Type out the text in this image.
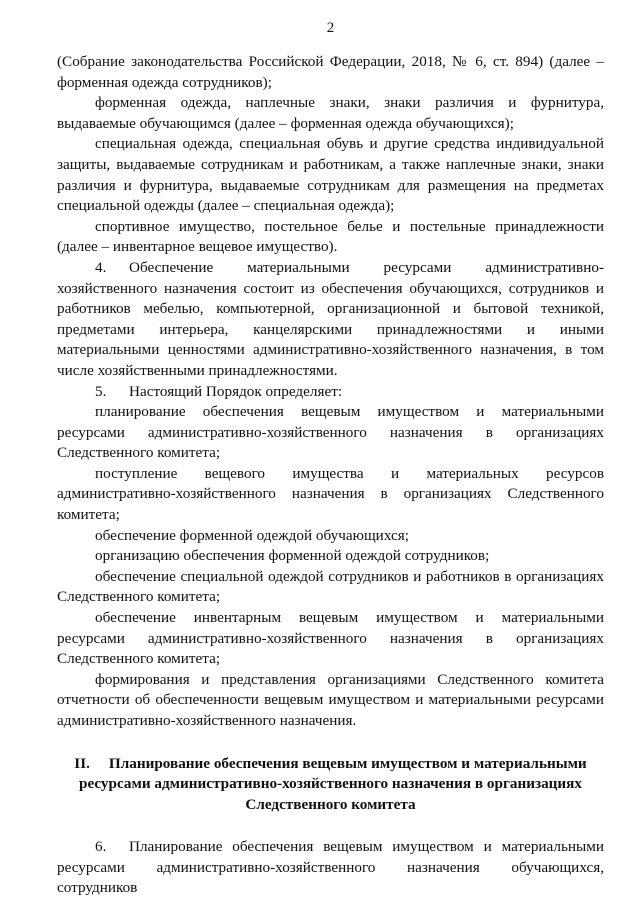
2

(Собрание законодательства Российской Федерации, 2018, № 6, ст. 894) (далее – форменная одежда сотрудников);

форменная одежда, наплечные знаки, знаки различия и фурнитура, выдаваемые обучающимся (далее – форменная одежда обучающихся);

специальная одежда, специальная обувь и другие средства индивидуальной защиты, выдаваемые сотрудникам и работникам, а также наплечные знаки, знаки различия и фурнитура, выдаваемые сотрудникам для размещения на предметах специальной одежды (далее – специальная одежда);

спортивное имущество, постельное белье и постельные принадлежности (далее – инвентарное вещевое имущество).

4. Обеспечение материальными ресурсами административно-хозяйственного назначения состоит из обеспечения обучающихся, сотрудников и работников мебелью, компьютерной, организационной и бытовой техникой, предметами интерьера, канцелярскими принадлежностями и иными материальными ценностями административно-хозяйственного назначения, в том числе хозяйственными принадлежностями.

5. Настоящий Порядок определяет:

планирование обеспечения вещевым имуществом и материальными ресурсами административно-хозяйственного назначения в организациях Следственного комитета;

поступление вещевого имущества и материальных ресурсов административно-хозяйственного назначения в организациях Следственного комитета;

обеспечение форменной одеждой обучающихся;

организацию обеспечения форменной одеждой сотрудников;

обеспечение специальной одеждой сотрудников и работников в организациях Следственного комитета;

обеспечение инвентарным вещевым имуществом и материальными ресурсами административно-хозяйственного назначения в организациях Следственного комитета;

формирования и представления организациями Следственного комитета отчетности об обеспеченности вещевым имуществом и материальными ресурсами административно-хозяйственного назначения.

II. Планирование обеспечения вещевым имуществом и материальными ресурсами административно-хозяйственного назначения в организациях Следственного комитета

6. Планирование обеспечения вещевым имуществом и материальными ресурсами административно-хозяйственного назначения обучающихся, сотрудников
